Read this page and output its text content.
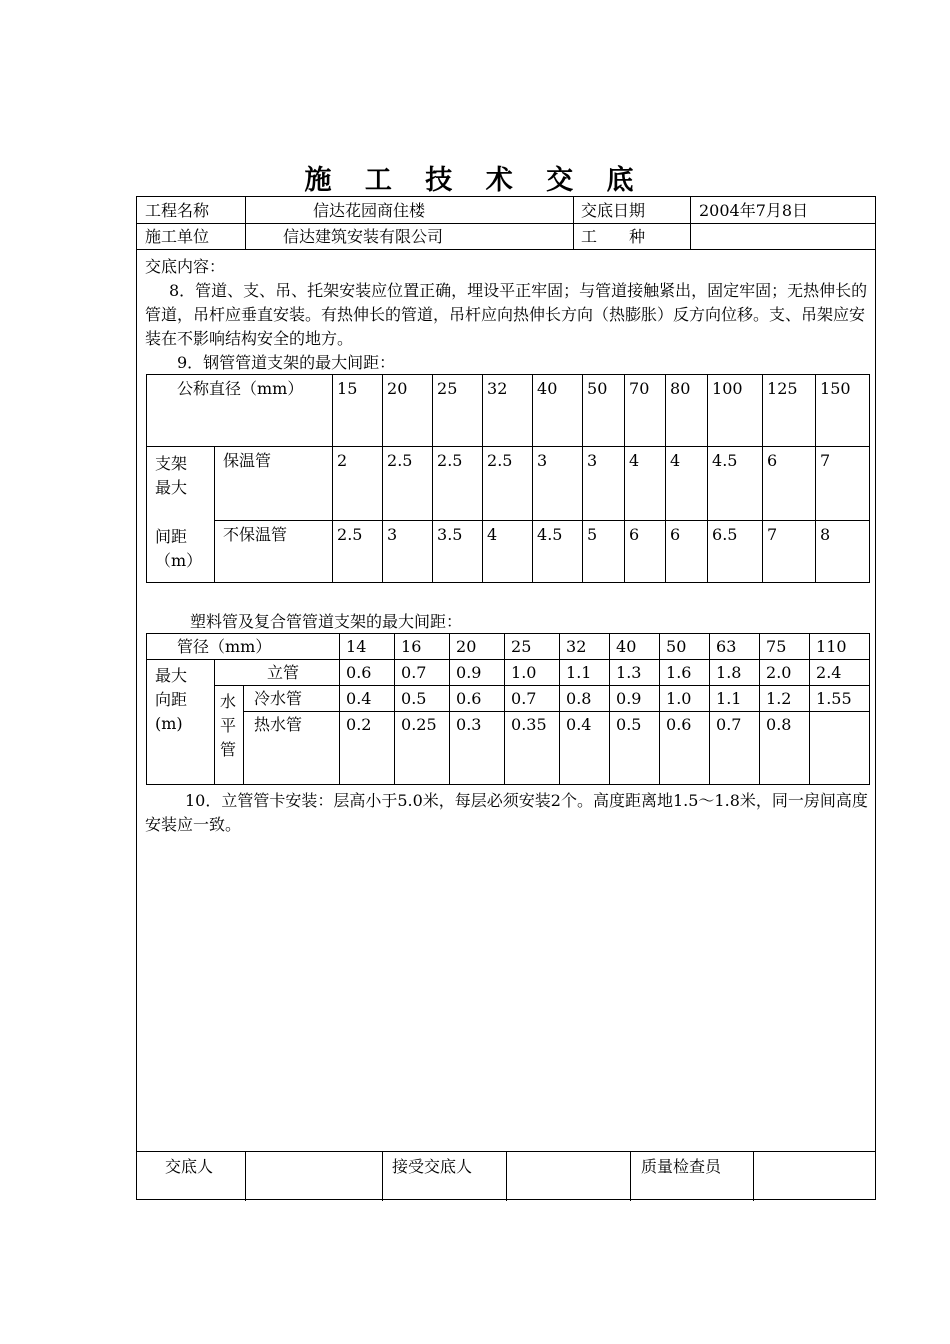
施 工 技 术 交 底
工程名称	信达花园商住楼	交底日期	2004年7月8日
施工单位	信达建筑安装有限公司	工　　种

交底内容：

8．管道、支、吊、托架安装应位置正确，埋设平正牢固；与管道接触紧出，固定牢固；无热伸长的管道，吊杆应垂直安装。有热伸长的管道，吊杆应向热伸长方向（热膨胀）反方向位移。支、吊架应安装在不影响结构安全的地方。

9．钢管管道支架的最大间距：

公称直径（mm）		15	20	25	32	40	50	70	80	100	125	150

支架最大
间距（m）	保温管	2	2.5	2.5	2.5	3	3	4	4	4.5	6	7

	不保温管	2.5	3	3.5	4	4.5	5	6	6	6.5	7	8
塑料管及复合管管道支架的最大间距：
管径（mm）			14	16	20	25	32	40	50	63	75	110

最大向距(m)	立管		0.6	0.7	0.9	1.0	1.1	1.3	1.6	1.8	2.0	2.4

	水平管	冷水管	0.4	0.5	0.6	0.7	0.8	0.9	1.0	1.1	1.2	1.55

		热水管	0.2	0.25	0.3	0.35	0.4	0.5	0.6	0.7	0.8	

10．立管管卡安装：层高小于5.0米，每层必须安装2个。高度距离地1.5～1.8米，同一房间高度安装应一致。

交底人	接受交底人	质量检查员
